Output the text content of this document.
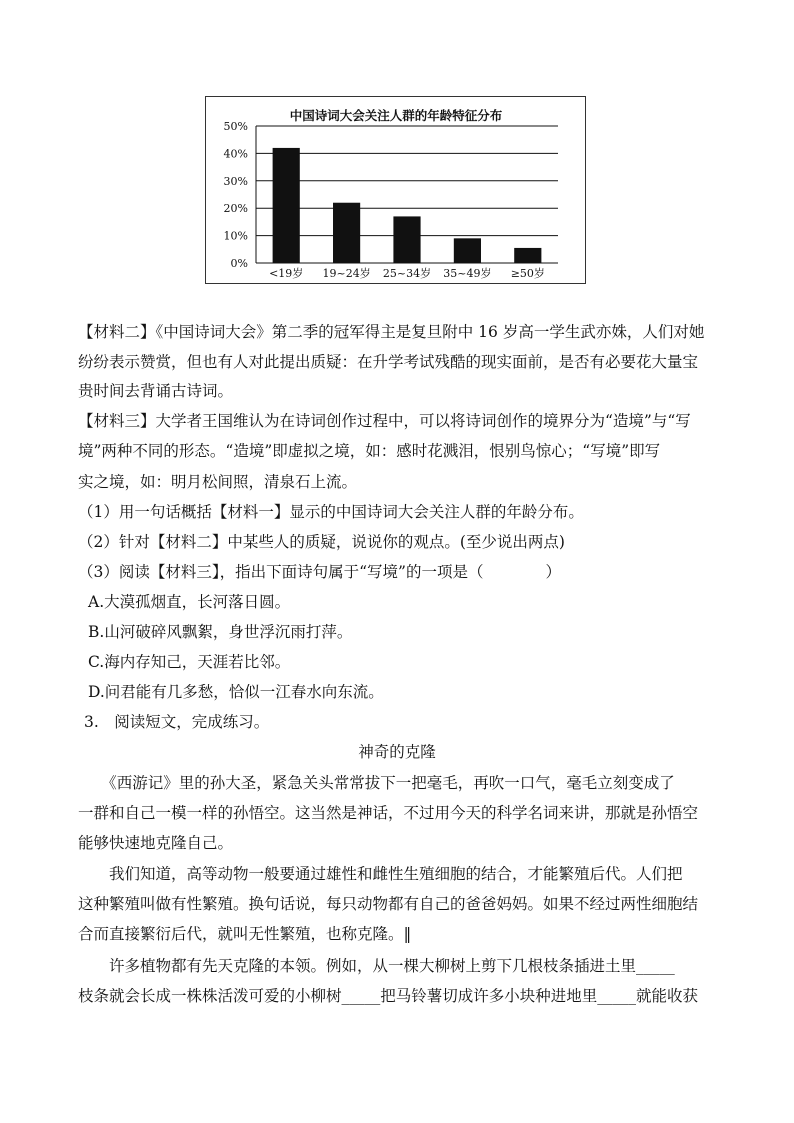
中国诗词大会关注人群的年龄特征分布
0%
10%
20%
30%
40%
50%
<19岁 19~24岁 25~34岁 35~49岁 ≥50岁
【材料二】《中国诗词大会》第二季的冠军得主是复旦附中 16 岁高一学生武亦姝，人们对她
纷纷表示赞赏，但也有人对此提出质疑：在升学考试残酷的现实面前，是否有必要花大量宝
贵时间去背诵古诗词。
【材料三】大学者王国维认为在诗词创作过程中，可以将诗词创作的境界分为“造境”与“写
境”两种不同的形态。“造境”即虚拟之境，如：感时花溅泪，恨别鸟惊心；“写境”即写
实之境，如：明月松间照，清泉石上流。
（1）用一句话概括【材料一】显示的中国诗词大会关注人群的年龄分布。
（2）针对【材料二】中某些人的质疑，说说你的观点。(至少说出两点)
（3）阅读【材料三】，指出下面诗句属于“写境”的一项是（　　　　）
A.大漠孤烟直，长河落日圆。
B.山河破碎风飘絮，身世浮沉雨打萍。
C.海内存知己，天涯若比邻。
D.问君能有几多愁，恰似一江春水向东流。
3.　阅读短文，完成练习。
神奇的克隆
　　《西游记》里的孙大圣，紧急关头常常拔下一把毫毛，再吹一口气，毫毛立刻变成了
一群和自己一模一样的孙悟空。这当然是神话，不过用今天的科学名词来讲，那就是孙悟空
能够快速地克隆自己。
　　我们知道，高等动物一般要通过雄性和雌性生殖细胞的结合，才能繁殖后代。人们把
这种繁殖叫做有性繁殖。换句话说，每只动物都有自己的爸爸妈妈。如果不经过两性细胞结
合而直接繁衍后代，就叫无性繁殖，也称克隆。‖
　　许多植物都有先天克隆的本领。例如，从一棵大柳树上剪下几根枝条插进土里_____
枝条就会长成一株株活泼可爱的小柳树_____把马铃薯切成许多小块种进地里_____就能收获
